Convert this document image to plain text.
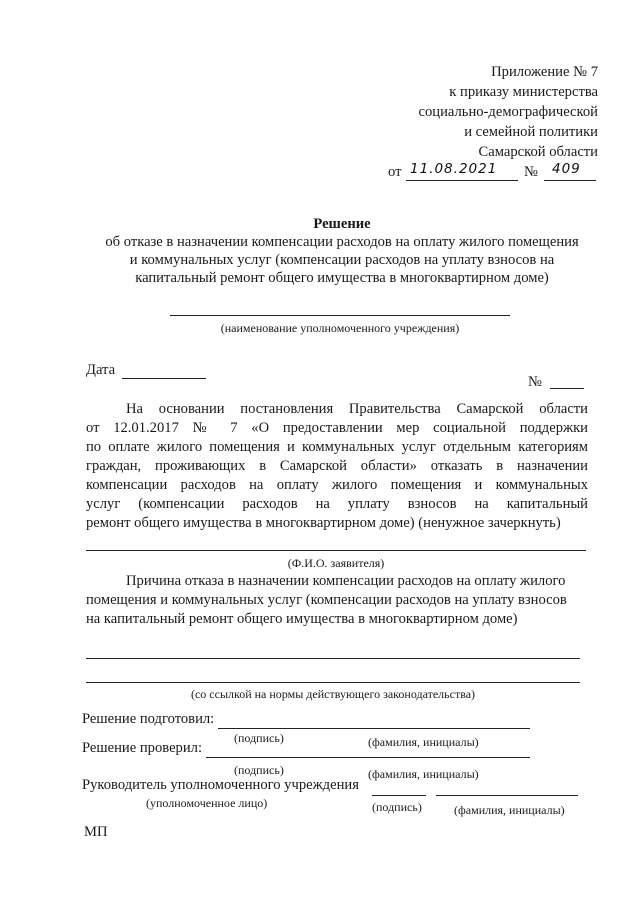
Приложение № 7
к приказу министерства
социально-демографической
и семейной политики
Самарской области
от 11.08.2021 № 409
Решение
об отказе в назначении компенсации расходов на оплату жилого помещения
и коммунальных услуг (компенсации расходов на уплату взносов на
капитальный ремонт общего имущества в многоквартирном доме)
(наименование уполномоченного учреждения)
Дата
№
На основании постановления Правительства Самарской области
от 12.01.2017 № 7 «О предоставлении мер социальной поддержки
по оплате жилого помещения и коммунальных услуг отдельным категориям
граждан, проживающих в Самарской области» отказать в назначении
компенсации расходов на оплату жилого помещения и коммунальных
услуг (компенсации расходов на уплату взносов на капитальный
ремонт общего имущества в многоквартирном доме) (ненужное зачеркнуть)
(Ф.И.О. заявителя)
Причина отказа в назначении компенсации расходов на оплату жилого
помещения и коммунальных услуг (компенсации расходов на уплату взносов
на капитальный ремонт общего имущества в многоквартирном доме)
(со ссылкой на нормы действующего законодательства)
Решение подготовил:
(подпись)	(фамилия, инициалы)
Решение проверил:
(подпись)	(фамилия, инициалы)
Руководитель уполномоченного учреждения
(уполномоченное лицо)	(подпись)	(фамилия, инициалы)
МП
